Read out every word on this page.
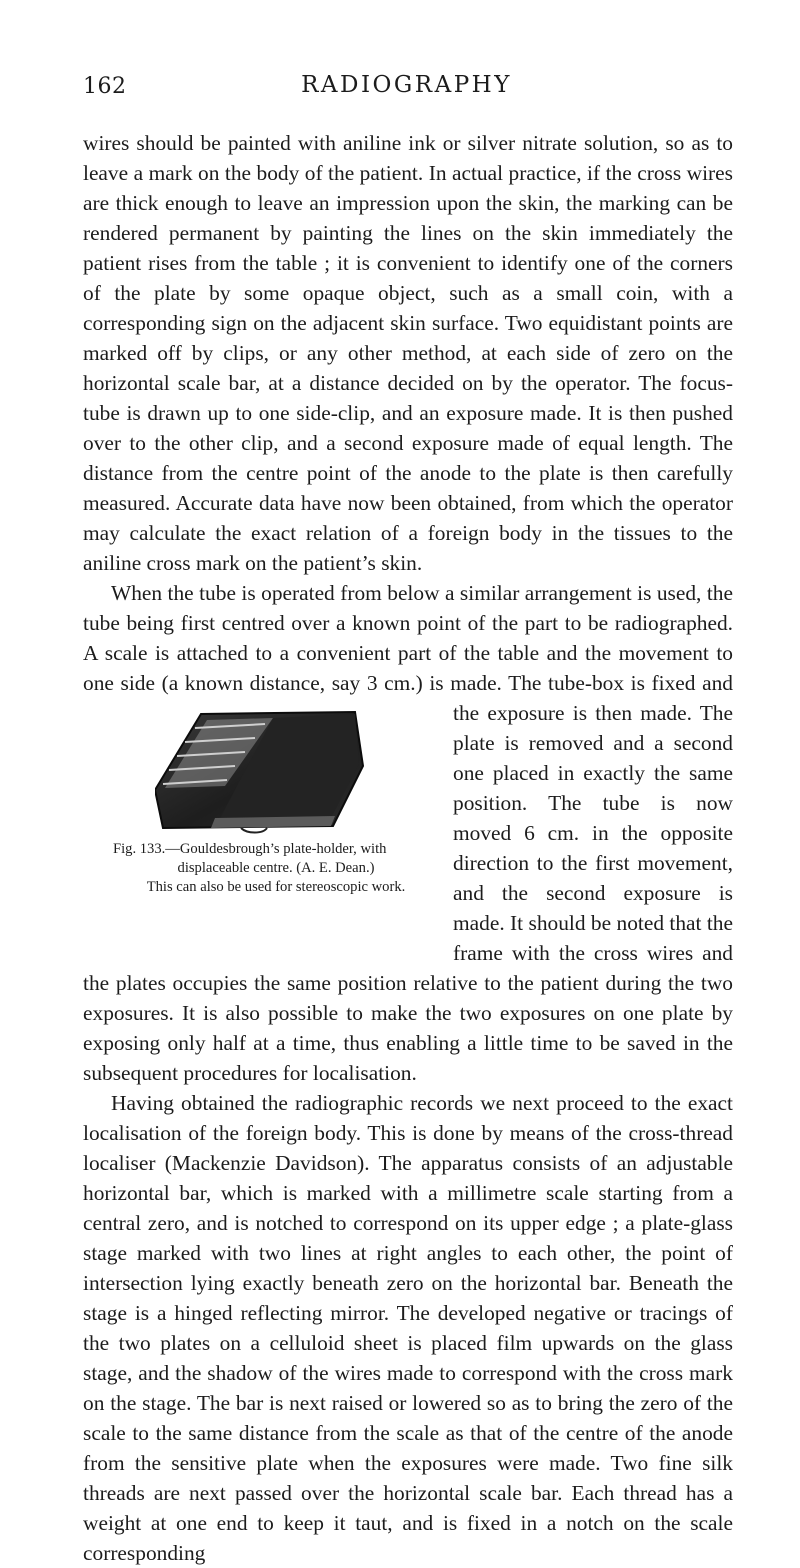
162	RADIOGRAPHY

wires should be painted with aniline ink or silver nitrate solution, so as to leave a mark on the body of the patient. In actual practice, if the cross wires are thick enough to leave an impression upon the skin, the marking can be rendered permanent by painting the lines on the skin immediately the patient rises from the table ; it is convenient to identify one of the corners of the plate by some opaque object, such as a small coin, with a corresponding sign on the adjacent skin surface. Two equidistant points are marked off by clips, or any other method, at each side of zero on the horizontal scale bar, at a distance decided on by the operator. The focus-tube is drawn up to one side-clip, and an exposure made. It is then pushed over to the other clip, and a second exposure made of equal length. The distance from the centre point of the anode to the plate is then carefully measured. Accurate data have now been obtained, from which the operator may calculate the exact relation of a foreign body in the tissues to the aniline cross mark on the patient’s skin.

When the tube is operated from below a similar arrangement is used, the tube being first centred over a known point of the part to be radiographed. A scale is attached to a convenient part of the table and the movement to one side (a known distance, say 3 cm.) is made. The tube-box is fixed and
Fig. 133.—Gouldesbrough’s plate-holder, with
displaceable centre. (A. E. Dean.)
This can also be used for stereoscopic work.
the exposure is then made. The plate is removed and a second one placed in exactly the same position. The tube is now moved 6 cm. in the opposite direction to the first movement, and the second exposure is made. It should be noted that the frame with the cross wires and the plates occupies the same position relative to the patient during the two exposures. It is also possible to make the two exposures on one plate by exposing only half at a time, thus enabling a little time to be saved in the subsequent procedures for localisation.

Having obtained the radiographic records we next proceed to the exact localisation of the foreign body. This is done by means of the cross-thread localiser (Mackenzie Davidson). The apparatus consists of an adjustable horizontal bar, which is marked with a millimetre scale starting from a central zero, and is notched to correspond on its upper edge ; a plate-glass stage marked with two lines at right angles to each other, the point of intersection lying exactly beneath zero on the horizontal bar. Beneath the stage is a hinged reflecting mirror. The developed negative or tracings of the two plates on a celluloid sheet is placed film upwards on the glass stage, and the shadow of the wires made to correspond with the cross mark on the stage. The bar is next raised or lowered so as to bring the zero of the scale to the same distance from the scale as that of the centre of the anode from the sensitive plate when the exposures were made. Two fine silk threads are next passed over the horizontal scale bar. Each thread has a weight at one end to keep it taut, and is fixed in a notch on the scale corresponding
